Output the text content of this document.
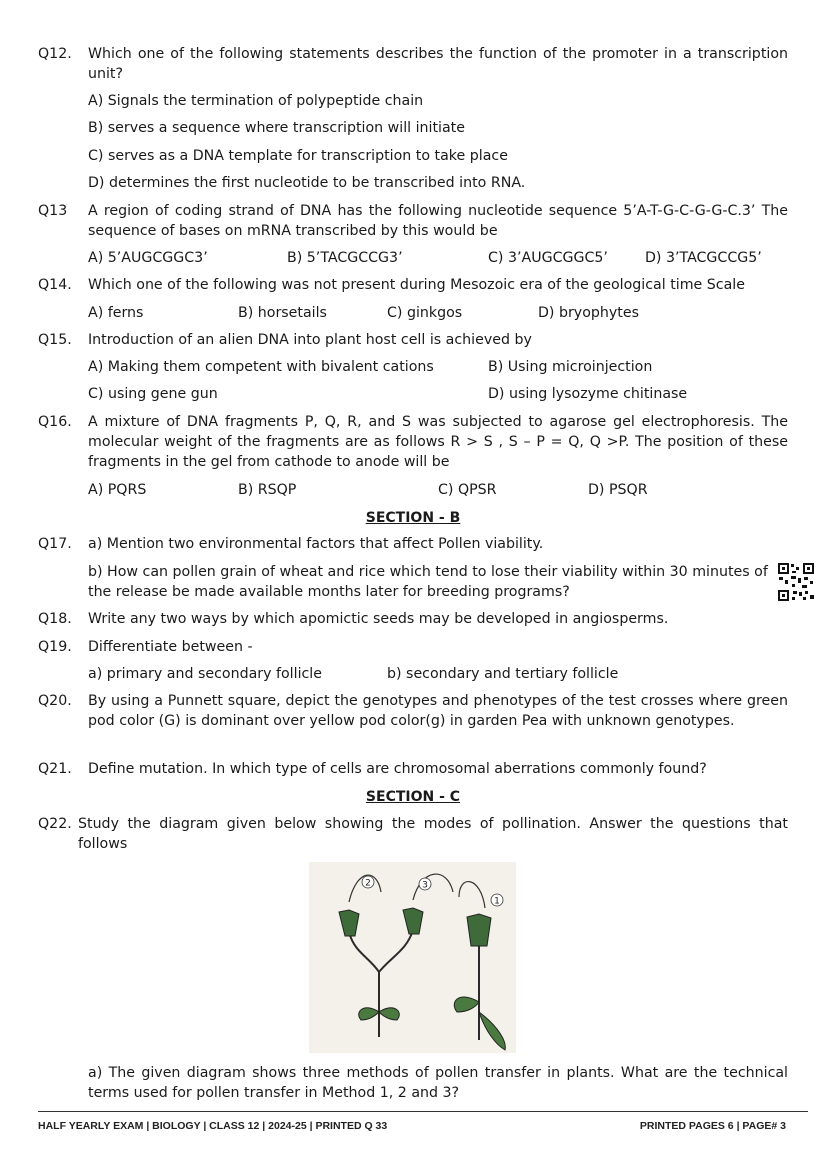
Q12.	Which one of the following statements describes the function of the promoter in a transcription unit?
A) Signals the termination of polypeptide chain
B) serves a sequence where transcription will initiate
C) serves as a DNA template for transcription to take place
D) determines the first nucleotide to be transcribed into RNA.
Q13	A region of coding strand of DNA has the following nucleotide sequence 5’A-T-G-C-G-G-C.3’ The sequence of bases on mRNA transcribed by this would be
A) 5’AUGCGGC3’	B) 5’TACGCCG3’	C) 3’AUGCGGC5’	D) 3’TACGCCG5’
Q14.	Which one of the following was not present during Mesozoic era of the geological time Scale
A) ferns	B) horsetails	C) ginkgos	D) bryophytes
Q15.	Introduction of an alien DNA into plant host cell is achieved by
A) Making them competent with bivalent cations	B) Using microinjection
C) using gene gun	D) using lysozyme chitinase
Q16.	A mixture of DNA fragments P, Q, R, and S was subjected to agarose gel electrophoresis. The molecular weight of the fragments are as follows R > S , S – P = Q, Q >P. The position of these fragments in the gel from cathode to anode will be
A) PQRS	B) RSQP	C) QPSR	D) PSQR
SECTION - B
Q17.	a) Mention two environmental factors that affect Pollen viability.
b) How can pollen grain of wheat and rice which tend to lose their viability within 30 minutes of the release be made available months later for breeding programs?
Q18.	Write any two ways by which apomictic seeds may be developed in angiosperms.
Q19.	Differentiate between -
a) primary and secondary follicle	b) secondary and tertiary follicle
Q20.	By using a Punnett square, depict the genotypes and phenotypes of the test crosses where green pod color (G) is dominant over yellow pod color(g) in garden Pea with unknown genotypes.
Q21.	Define mutation. In which type of cells are chromosomal aberrations commonly found?
SECTION - C
Q22. Study the diagram given below showing the modes of pollination. Answer the questions that follows
2	3
1
a) The given diagram shows three methods of pollen transfer in plants. What are the technical terms used for pollen transfer in Method 1, 2 and 3?
HALF YEARLY EXAM | BIOLOGY | CLASS 12 | 2024-25 | PRINTED Q 33	PRINTED PAGES 6 | PAGE# 3
